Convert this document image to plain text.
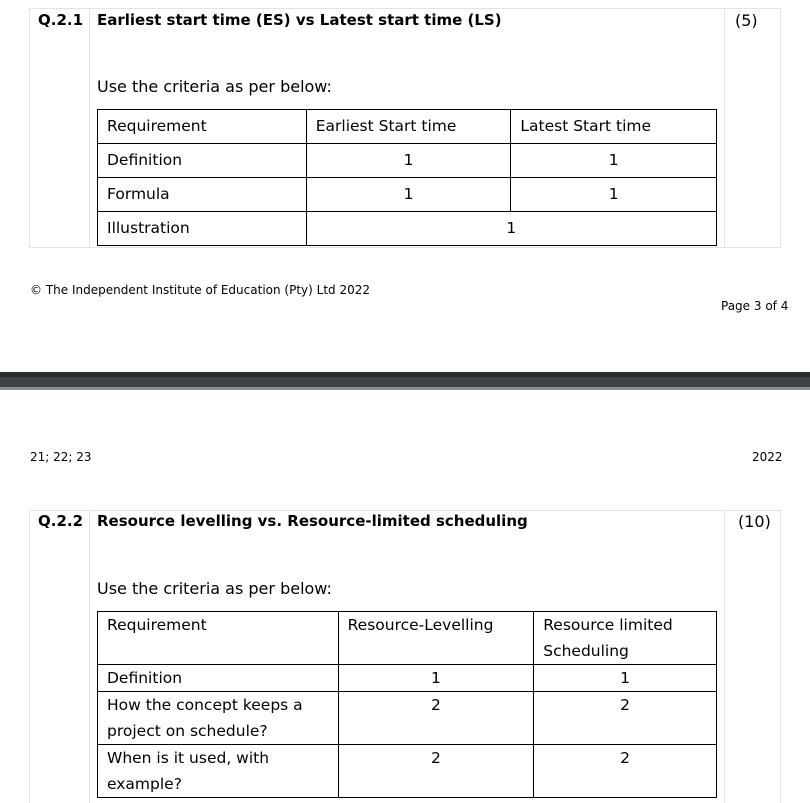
Q.2.1 Earliest start time (ES) vs Latest start time (LS)	(5)
Use the criteria as per below:
Requirement	Earliest Start time	Latest Start time
Definition	1	1
Formula	1	1
Illustration	1	
© The Independent Institute of Education (Pty) Ltd 2022
Page 3 of 4
21; 22; 23	2022
Q.2.2 Resource levelling vs. Resource-limited scheduling	(10)
Use the criteria as per below:
Requirement	Resource-Levelling	Resource limited Scheduling
Definition	1	1
How the concept keeps a project on schedule?	2	2
When is it used, with example?	2	2
